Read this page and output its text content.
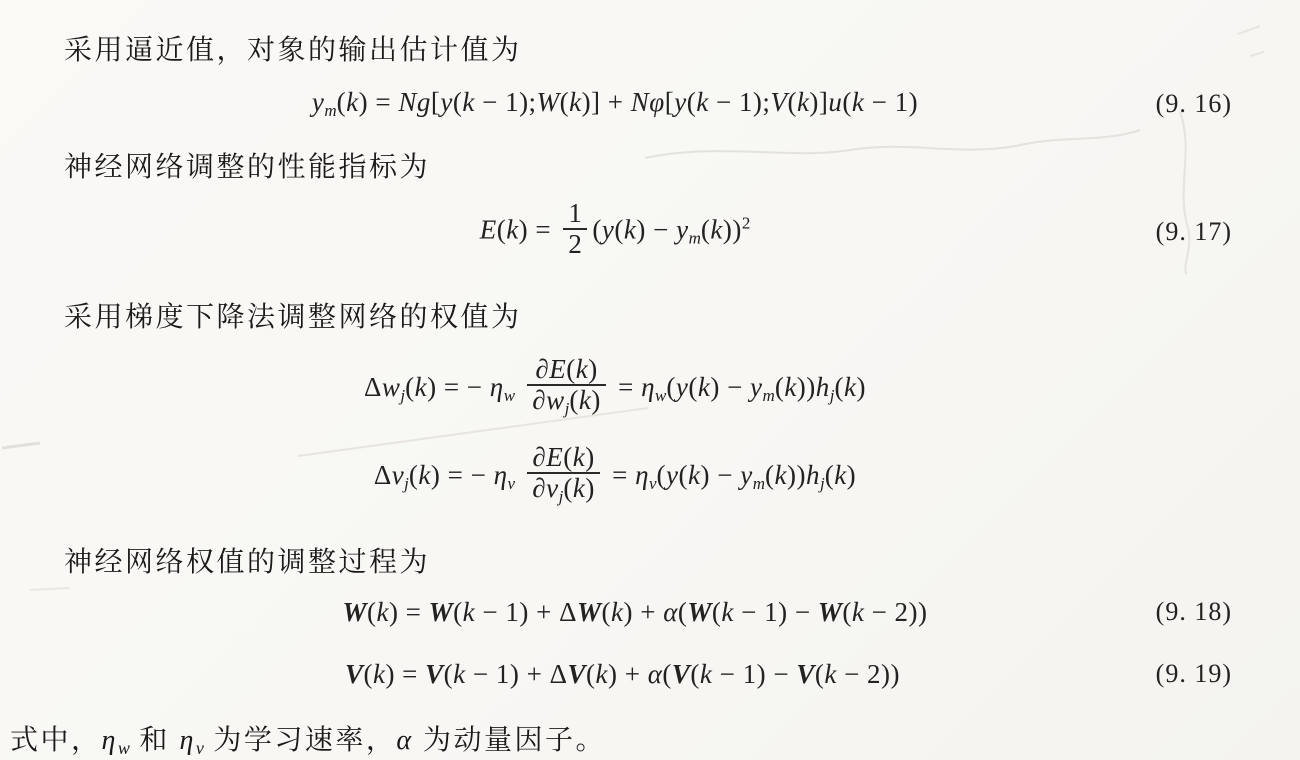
采用逼近值，对象的输出估计值为
ym(k) = Ng[y(k − 1);W(k)] + Nφ[y(k − 1);V(k)]u(k − 1)	(9. 16)
神经网络调整的性能指标为
$E(k) = \frac{1}{2} (y(k) - ym(k))^2$	(9. 17)
采用梯度下降法调整网络的权值为
Δwj(k) = − ηw $\frac{\partial E(k)}{\partial wj(k)} = \eta w(y(k) - ym(k))hj(k)$
Δvj(k) = − ηv $\frac{\partial E(k)}{\partial vj(k)} = \eta v(y(k) - ym(k))hj(k)$
神经网络权值的调整过程为
W(k) = W(k − 1) + ΔW(k) + α(W(k − 1) − W(k − 2))	(9. 18)
V(k) = V(k − 1) + ΔV(k) + α(V(k − 1) − V(k − 2))	(9. 19)
式中，ηw 和 ηv 为学习速率，α 为动量因子。
